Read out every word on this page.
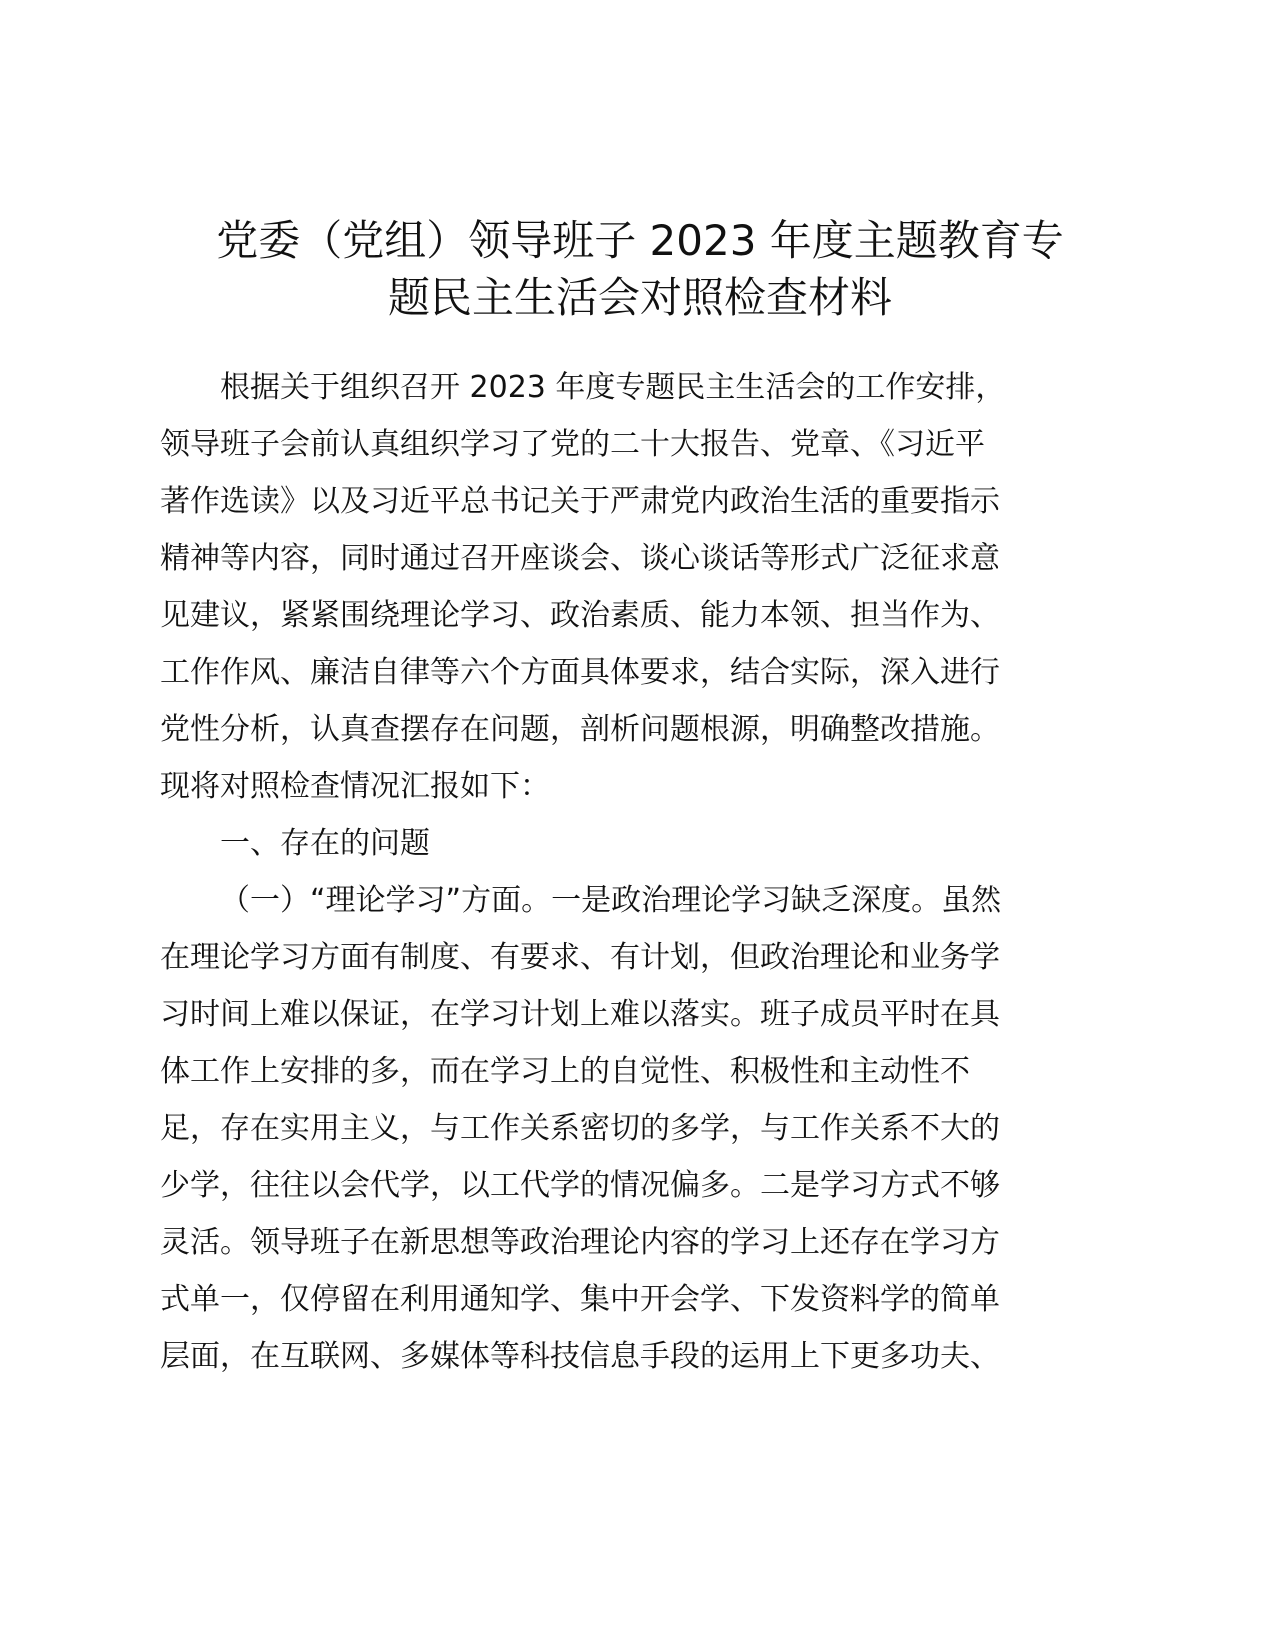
党委（党组）领导班子 2023 年度主题教育专
题民主生活会对照检查材料
根据关于组织召开 2023 年度专题民主生活会的工作安排，
领导班子会前认真组织学习了党的二十大报告、党章、《习近平
著作选读》以及习近平总书记关于严肃党内政治生活的重要指示
精神等内容，同时通过召开座谈会、谈心谈话等形式广泛征求意
见建议，紧紧围绕理论学习、政治素质、能力本领、担当作为、
工作作风、廉洁自律等六个方面具体要求，结合实际，深入进行
党性分析，认真查摆存在问题，剖析问题根源，明确整改措施。
现将对照检查情况汇报如下：
一、存在的问题
（一）“理论学习”方面。一是政治理论学习缺乏深度。虽然
在理论学习方面有制度、有要求、有计划，但政治理论和业务学
习时间上难以保证，在学习计划上难以落实。班子成员平时在具
体工作上安排的多，而在学习上的自觉性、积极性和主动性不
足，存在实用主义，与工作关系密切的多学，与工作关系不大的
少学，往往以会代学，以工代学的情况偏多。二是学习方式不够
灵活。领导班子在新思想等政治理论内容的学习上还存在学习方
式单一，仅停留在利用通知学、集中开会学、下发资料学的简单
层面，在互联网、多媒体等科技信息手段的运用上下更多功夫、
